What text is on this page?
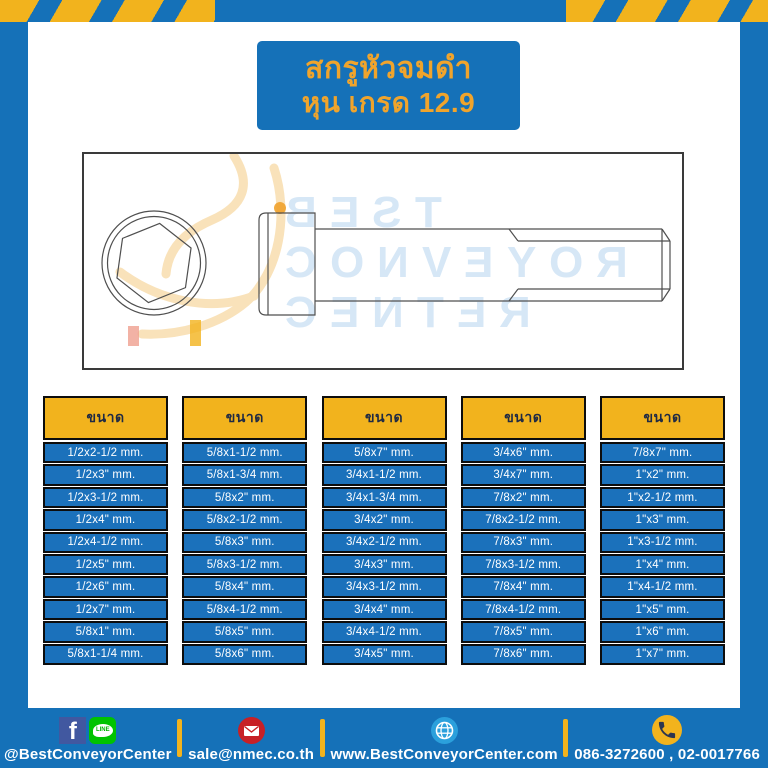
สกรูหัวจมดำ
หุน เกรด 12.9
BEST
CONVEYOR
CENTER
ขนาด
1/2x2-1/2 mm.
1/2x3" mm.
1/2x3-1/2 mm.
1/2x4" mm.
1/2x4-1/2 mm.
1/2x5" mm.
1/2x6" mm.
1/2x7" mm.
5/8x1" mm.
5/8x1-1/4 mm.
ขนาด
5/8x1-1/2 mm.
5/8x1-3/4 mm.
5/8x2" mm.
5/8x2-1/2 mm.
5/8x3" mm.
5/8x3-1/2 mm.
5/8x4" mm.
5/8x4-1/2 mm.
5/8x5" mm.
5/8x6" mm.
ขนาด
5/8x7" mm.
3/4x1-1/2 mm.
3/4x1-3/4 mm.
3/4x2" mm.
3/4x2-1/2 mm.
3/4x3" mm.
3/4x3-1/2 mm.
3/4x4" mm.
3/4x4-1/2 mm.
3/4x5" mm.
ขนาด
3/4x6" mm.
3/4x7" mm.
7/8x2" mm.
7/8x2-1/2 mm.
7/8x3" mm.
7/8x3-1/2 mm.
7/8x4" mm.
7/8x4-1/2 mm.
7/8x5" mm.
7/8x6" mm.
ขนาด
7/8x7" mm.
1"x2" mm.
1"x2-1/2 mm.
1"x3" mm.
1"x3-1/2 mm.
1"x4" mm.
1"x4-1/2 mm.
1"x5" mm.
1"x6" mm.
1"x7" mm.
f	LINE
@BestConveyorCenter sale@nmec.co.th www.BestConveyorCenter.com 086-3272600 , 02-0017766
